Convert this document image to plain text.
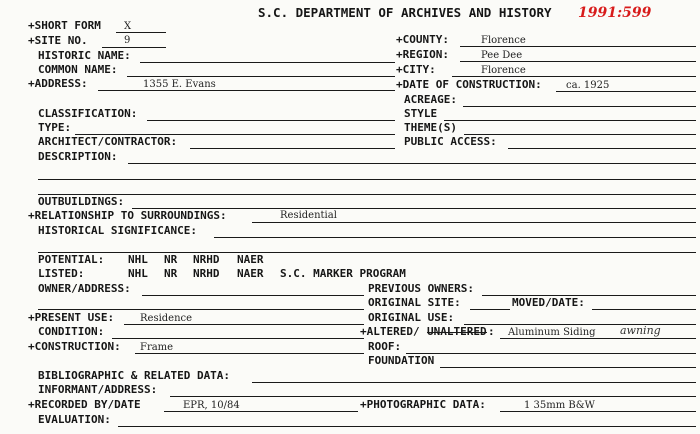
S.C. DEPARTMENT OF ARCHIVES AND HISTORY 1991:599
+SHORT FORM X
+SITE NO.	9
HISTORIC NAME:
COMMON NAME:
+ADDRESS:	1355 E. Evans
+COUNTY:	Florence
+REGION:	Pee Dee
+CITY:	Florence
+DATE OF CONSTRUCTION: ca. 1925
ACREAGE:
CLASSIFICATION:
TYPE:
ARCHITECT/CONTRACTOR:
DESCRIPTION:
STYLE
THEME(S)
PUBLIC ACCESS:
OUTBUILDINGS:
+RELATIONSHIP TO SURROUNDINGS:	Residential
HISTORICAL SIGNIFICANCE:
POTENTIAL: NHL NR NRHD NAER
LISTED:	NHL NR NRHD NAER S.C. MARKER PROGRAM
OWNER/ADDRESS:	PREVIOUS OWNERS:
ORIGINAL SITE:	MOVED/DATE:
+PRESENT USE:	Residence	ORIGINAL USE:
CONDITION:	+ALTERED/ UNALTERED : Aluminum Siding awning
+CONSTRUCTION: Frame	ROOF:
FOUNDATION
BIBLIOGRAPHIC & RELATED DATA:
INFORMANT/ADDRESS:
+RECORDED BY/DATE	EPR, 10/84	+PHOTOGRAPHIC DATA:	1 35mm B&W
EVALUATION:
